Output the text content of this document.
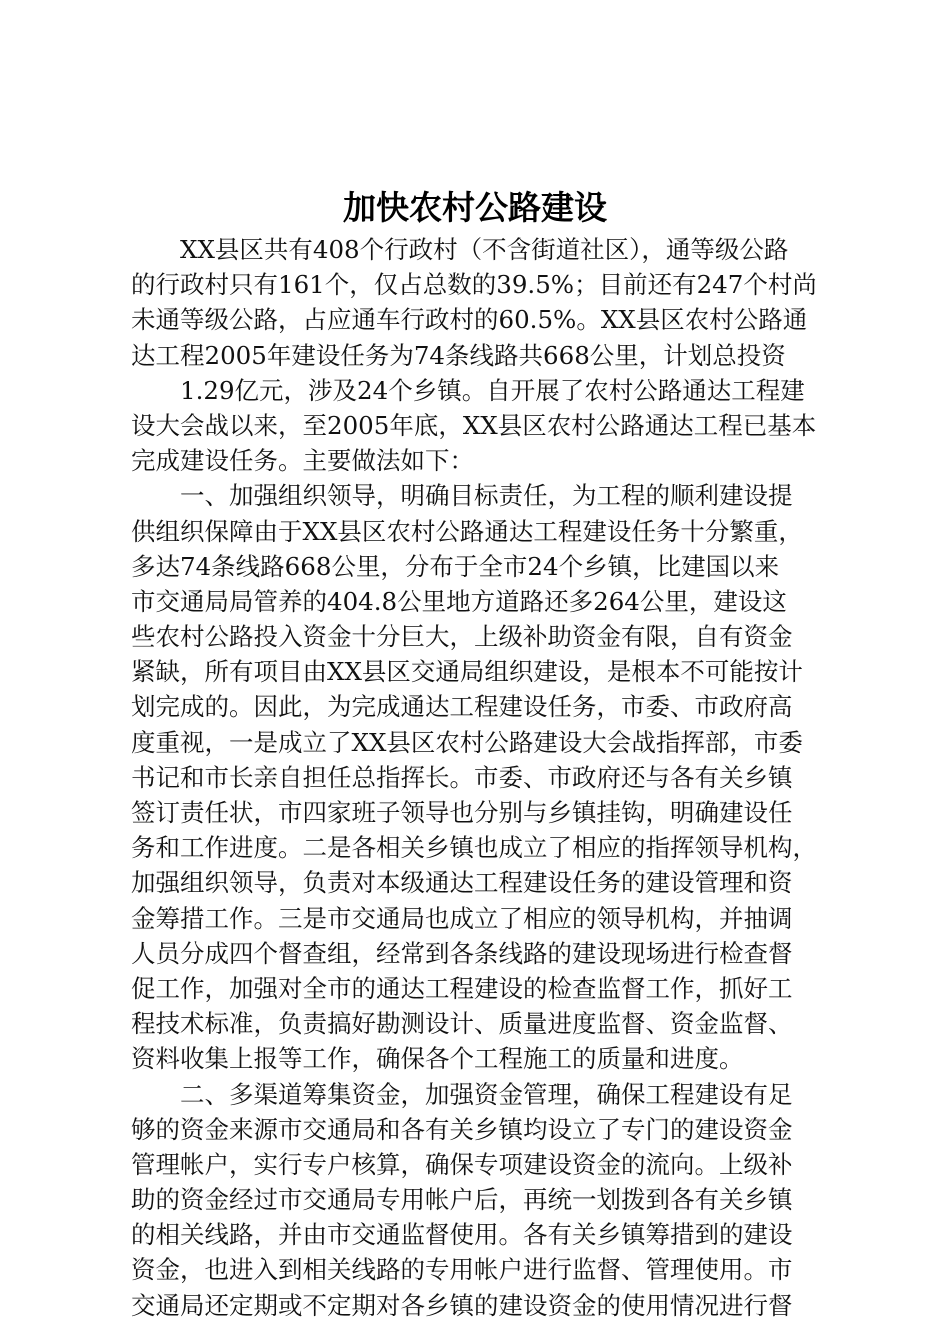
加快农村公路建设
XX县区共有408个行政村（不含街道社区），通等级公路
的行政村只有161个，仅占总数的39.5%；目前还有247个村尚
未通等级公路，占应通车行政村的60.5%。XX县区农村公路通
达工程2005年建设任务为74条线路共668公里，计划总投资
1.29亿元，涉及24个乡镇。自开展了农村公路通达工程建
设大会战以来，至2005年底，XX县区农村公路通达工程已基本
完成建设任务。主要做法如下：
一、加强组织领导，明确目标责任，为工程的顺利建设提
供组织保障由于XX县区农村公路通达工程建设任务十分繁重，
多达74条线路668公里，分布于全市24个乡镇，比建国以来
市交通局局管养的404.8公里地方道路还多264公里，建设这
些农村公路投入资金十分巨大，上级补助资金有限，自有资金
紧缺，所有项目由XX县区交通局组织建设，是根本不可能按计
划完成的。因此，为完成通达工程建设任务，市委、市政府高
度重视，一是成立了XX县区农村公路建设大会战指挥部，市委
书记和市长亲自担任总指挥长。市委、市政府还与各有关乡镇
签订责任状，市四家班子领导也分别与乡镇挂钩，明确建设任
务和工作进度。二是各相关乡镇也成立了相应的指挥领导机构，
加强组织领导，负责对本级通达工程建设任务的建设管理和资
金筹措工作。三是市交通局也成立了相应的领导机构，并抽调
人员分成四个督查组，经常到各条线路的建设现场进行检查督
促工作，加强对全市的通达工程建设的检查监督工作，抓好工
程技术标准，负责搞好勘测设计、质量进度监督、资金监督、
资料收集上报等工作，确保各个工程施工的质量和进度。
二、多渠道筹集资金，加强资金管理，确保工程建设有足
够的资金来源市交通局和各有关乡镇均设立了专门的建设资金
管理帐户，实行专户核算，确保专项建设资金的流向。上级补
助的资金经过市交通局专用帐户后，再统一划拨到各有关乡镇
的相关线路，并由市交通监督使用。各有关乡镇筹措到的建设
资金，也进入到相关线路的专用帐户进行监督、管理使用。市
交通局还定期或不定期对各乡镇的建设资金的使用情况进行督
